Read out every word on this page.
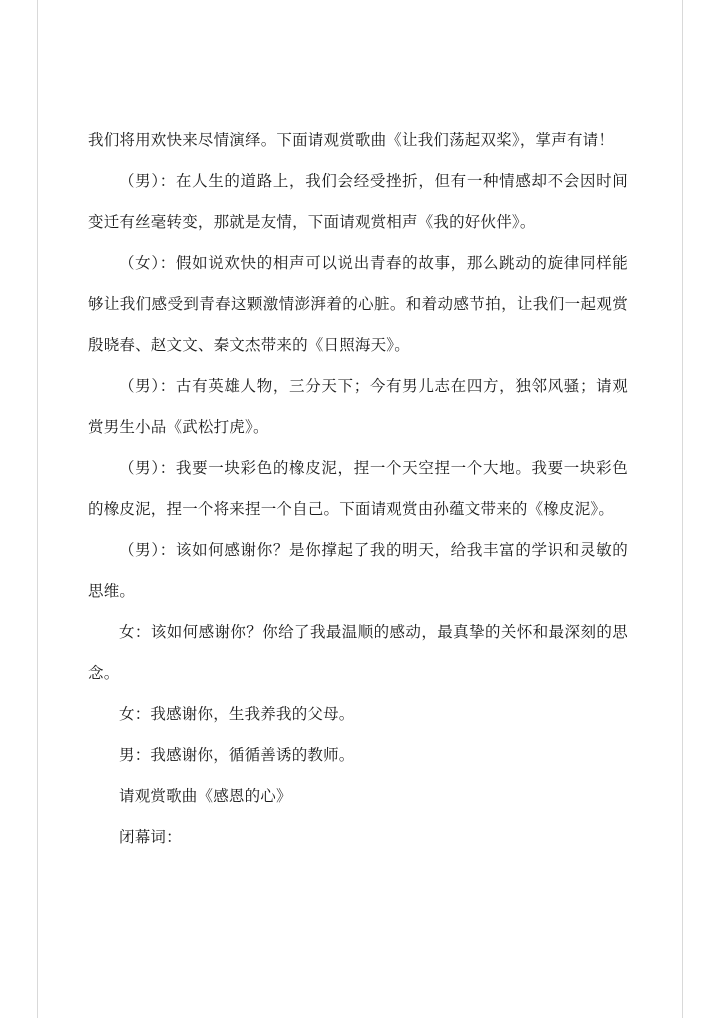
我们将用欢快来尽情演绎。下面请观赏歌曲《让我们荡起双桨》，掌声有请！

（男）：在人生的道路上，我们会经受挫折，但有一种情感却不会因时间变迁有丝毫转变，那就是友情，下面请观赏相声《我的好伙伴》。

（女）：假如说欢快的相声可以说出青春的故事，那么跳动的旋律同样能够让我们感受到青春这颗激情澎湃着的心脏。和着动感节拍，让我们一起观赏殷晓春、赵文文、秦文杰带来的《日照海天》。

（男）：古有英雄人物，三分天下；今有男儿志在四方，独邻风骚；请观赏男生小品《武松打虎》。

（男）：我要一块彩色的橡皮泥，捏一个天空捏一个大地。我要一块彩色的橡皮泥，捏一个将来捏一个自己。下面请观赏由孙蕴文带来的《橡皮泥》。

（男）：该如何感谢你？是你撑起了我的明天，给我丰富的学识和灵敏的思维。

女：该如何感谢你？你给了我最温顺的感动，最真挚的关怀和最深刻的思念。

女：我感谢你，生我养我的父母。

男：我感谢你，循循善诱的教师。

请观赏歌曲《感恩的心》

闭幕词：
